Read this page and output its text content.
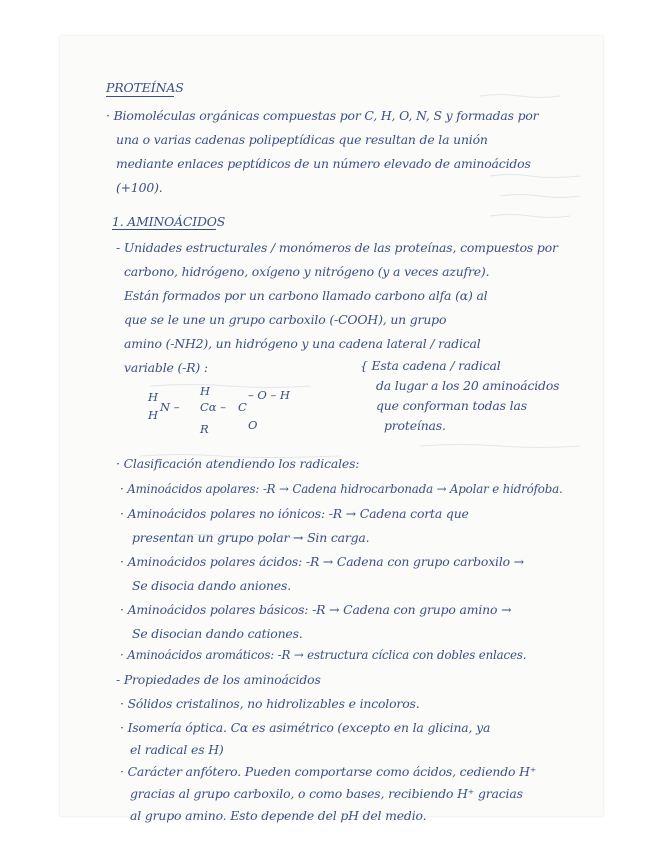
PROTEÍNAS
· Biomoléculas orgánicas compuestas por C, H, O, N, S y formadas por
una o varias cadenas polipeptídicas que resultan de la unión
mediante enlaces peptídicos de un número elevado de aminoácidos
(+100).
1. AMINOÁCIDOS
- Unidades estructurales / monómeros de las proteínas, compuestos por
carbono, hidrógeno, oxígeno y nitrógeno (y a veces azufre).
Están formados por un carbono llamado carbono alfa (α) al
que se le une un grupo carboxilo (-COOH), un grupo
amino (-NH2), un hidrógeno y una cadena lateral / radical
variable (-R) :
H
H
H
N – Cα – C
– O – H
R	O
{ Esta cadena / radical
da lugar a los 20 aminoácidos
que conforman todas las
proteínas.
· Clasificación atendiendo los radicales:
· Aminoácidos apolares: -R → Cadena hidrocarbonada → Apolar e hidrófoba.
· Aminoácidos polares no iónicos: -R → Cadena corta que
presentan un grupo polar → Sin carga.
· Aminoácidos polares ácidos: -R → Cadena con grupo carboxilo →
Se disocia dando aniones.
· Aminoácidos polares básicos: -R → Cadena con grupo amino →
Se disocian dando cationes.
· Aminoácidos aromáticos: -R → estructura cíclica con dobles enlaces.
- Propiedades de los aminoácidos
· Sólidos cristalinos, no hidrolizables e incoloros.
· Isomería óptica. Cα es asimétrico (excepto en la glicina, ya
el radical es H)
· Carácter anfótero. Pueden comportarse como ácidos, cediendo H⁺
gracias al grupo carboxilo, o como bases, recibiendo H⁺ gracias
al grupo amino. Esto depende del pH del medio.
